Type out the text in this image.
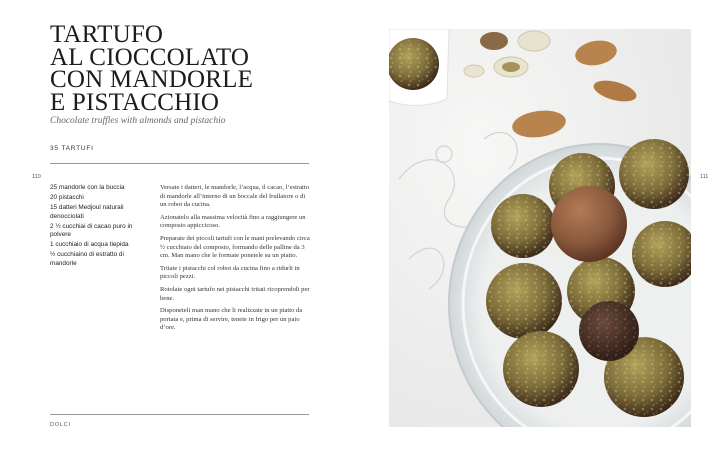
TARTUFO
AL CIOCCOLATO
CON MANDORLE
E PISTACCHIO
Chocolate truffles with almonds and pistachio
35 TARTUFI
110	111
25 mandorle con la buccia
20 pistacchi
15 datteri Medjoul naturali denocciolati
2 ½ cucchiai di cacao puro in polvere
1 cucchiaio di acqua tiepida
½ cucchiaino di estratto di mandorle

Versate i datteri, le mandorle, l’acqua, il cacao, l’estratto di mandorle all’interno di un boccale del frullatore o di un robot da cucina.

Azionatelo alla massima velocità fino a raggiungere un composto appiccicoso.

Preparate dei piccoli tartufi con le mani prelevando circa ½ cucchiaio del composto, formando delle palline da 3 cm. Man mano che le formate ponetele su un piatto.

Tritate i pistacchi col robot da cucina fino a ridurli in piccoli pezzi.

Rotolate ogni tartufo nei pistacchi tritati ricoprendoli per bene.

Disponeteli man mano che li realizzate in un piatto da portata e, prima di servire, tenete in frigo per un paio d’ore.

DOLCI
